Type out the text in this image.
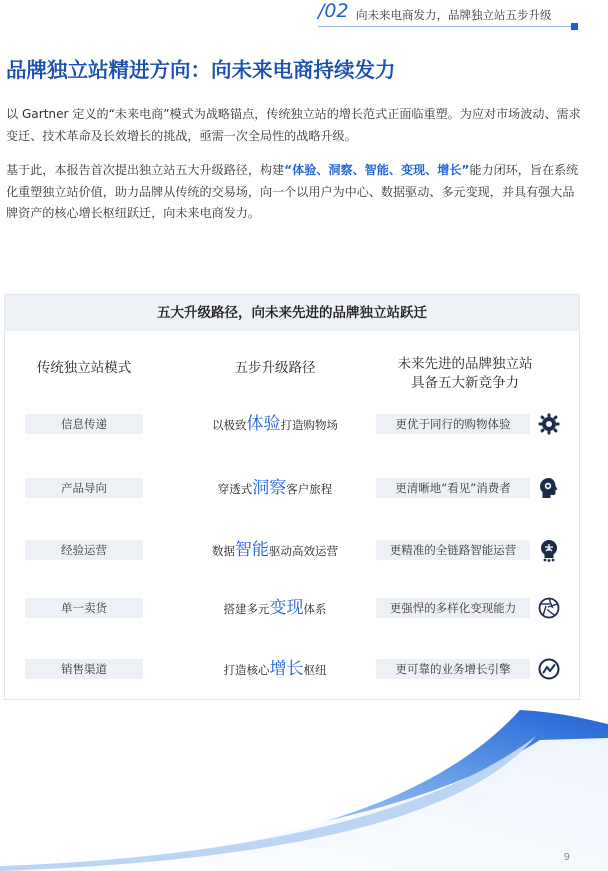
/02 向未来电商发力，品牌独立站五步升级
品牌独立站精进方向：向未来电商持续发力

以 Gartner 定义的“未来电商”模式为战略锚点，传统独立站的增长范式正面临重塑。为应对市场波动、需求变迁、技术革命及长效增长的挑战，亟需一次全局性的战略升级。

基于此，本报告首次提出独立站五大升级路径，构建“体验、洞察、智能、变现、增长”能力闭环，旨在系统化重塑独立站价值，助力品牌从传统的交易场，向一个以用户为中心、数据驱动、多元变现，并具有强大品牌资产的核心增长枢纽跃迁，向未来电商发力。

五大升级路径，向未来先进的品牌独立站跃迁
传统独立站模式	五步升级路径	未来先进的品牌独立站
具备五大新竞争力
信息传递	以极致体验打造购物场	更优于同行的购物体验
产品导向	穿透式洞察客户旅程	更清晰地“看见”消费者
经验运营	数据智能驱动高效运营	更精准的全链路智能运营
单一卖货	搭建多元变现体系	更强悍的多样化变现能力
销售渠道	打造核心增长枢纽	更可靠的业务增长引擎
9
